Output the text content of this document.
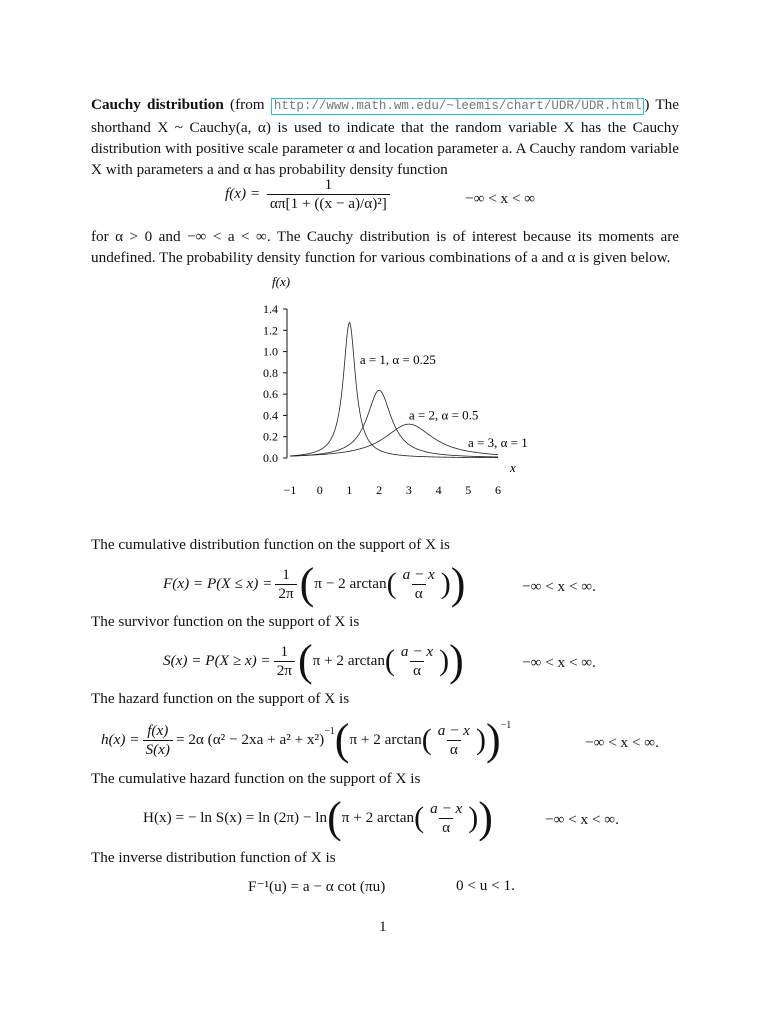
Cauchy distribution (from http://www.math.wm.edu/~leemis/chart/UDR/UDR.html ) The shorthand X ~ Cauchy(a, α) is used to indicate that the random variable X has the Cauchy distribution with positive scale parameter α and location parameter a. A Cauchy random variable X with parameters a and α has probability density function
$f(x) = \frac{1}{\text{απ[1 + ((x − a)/α)²]}}$	−∞ < x < ∞
for α > 0 and −∞ < a < ∞. The Cauchy distribution is of interest because its moments are undefined. The probability density function for various combinations of a and α is given below.
0.0
0.2
0.4
0.6
0.8
1.0
1.2
1.4
−1 0 1 2 3 4 5 6
f(x)
x
a = 1, α = 0.25
a = 2, α = 0.5
a = 3, α = 1
The cumulative distribution function on the support of X is
$F(x) = P(X \le x) = \frac{1}{2\pi}$ ( π − 2 arctan ( $\frac{a - x}{\alpha}$ ) )	−∞ < x < ∞.
The survivor function on the support of X is
$S(x) = P(X \ge x) = \frac{1}{2\pi}$ ( π + 2 arctan ( $\frac{a - x}{\alpha}$ ) )	−∞ < x < ∞.
The hazard function on the support of X is
$h(x) = \frac{f(x)}{S(x)} = 2\alpha$ $(\alpha^2 - 2xa + a^2 + x^2)^{-1}$ ( π + 2 arctan ( $\frac{a - x}{\alpha}$ ) )$^{-1}$
−∞ < x < ∞.
The cumulative hazard function on the support of X is
H(x) = − ln S(x) = ln (2π) − ln ( π + 2 arctan ( $\frac{a - x}{\alpha}$ ) )	−∞ < x < ∞.
The inverse distribution function of X is
F⁻¹(u) = a − α cot (πu)	0 < u < 1.
1
